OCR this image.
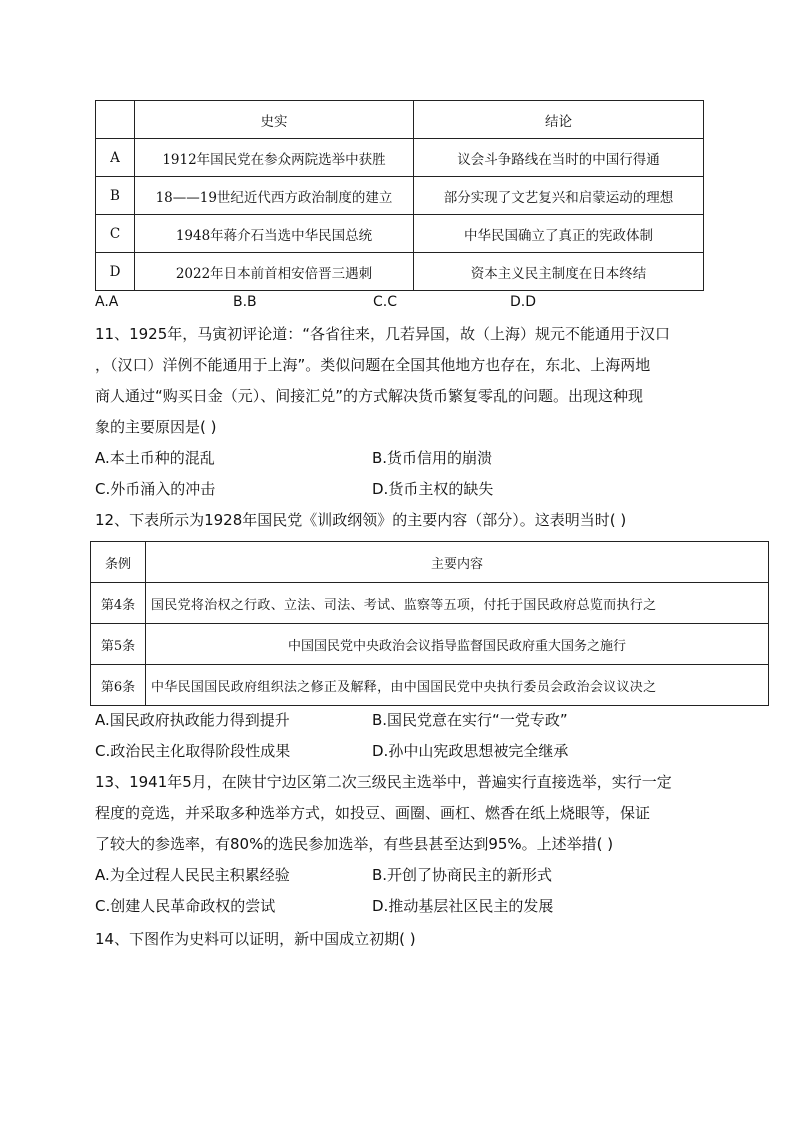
	史实	结论
A	1912年国民党在参众两院选举中获胜	议会斗争路线在当时的中国行得通
B	18——19世纪近代西方政治制度的建立	部分实现了文艺复兴和启蒙运动的理想
C	1948年蒋介石当选中华民国总统	中华民国确立了真正的宪政体制
D	2022年日本前首相安倍晋三遇刺	资本主义民主制度在日本终结
A.A	B.B	C.C	D.D
11、1925年，马寅初评论道：“各省往来，几若异国，故（上海）规元不能通用于汉口
，（汉口）洋例不能通用于上海”。类似问题在全国其他地方也存在，东北、上海两地
商人通过“购买日金（元）、间接汇兑”的方式解决货币繁复零乱的问题。出现这种现
象的主要原因是( )
A.本土币种的混乱	B.货币信用的崩溃
C.外币涌入的冲击	D.货币主权的缺失
12、下表所示为1928年国民党《训政纲领》的主要内容（部分）。这表明当时( )
条例	主要内容
第4条	国民党将治权之行政、立法、司法、考试、监察等五项，付托于国民政府总览而执行之
第5条	中国国民党中央政治会议指导监督国民政府重大国务之施行
第6条	中华民国国民政府组织法之修正及解释，由中国国民党中央执行委员会政治会议议决之
A.国民政府执政能力得到提升	B.国民党意在实行“一党专政”
C.政治民主化取得阶段性成果	D.孙中山宪政思想被完全继承
13、1941年5月，在陕甘宁边区第二次三级民主选举中，普遍实行直接选举，实行一定
程度的竞选，并采取多种选举方式，如投豆、画圈、画杠、燃香在纸上烧眼等，保证
了较大的参选率，有80%的选民参加选举，有些县甚至达到95%。上述举措( )
A.为全过程人民民主积累经验	B.开创了协商民主的新形式
C.创建人民革命政权的尝试	D.推动基层社区民主的发展
14、下图作为史料可以证明，新中国成立初期( )
